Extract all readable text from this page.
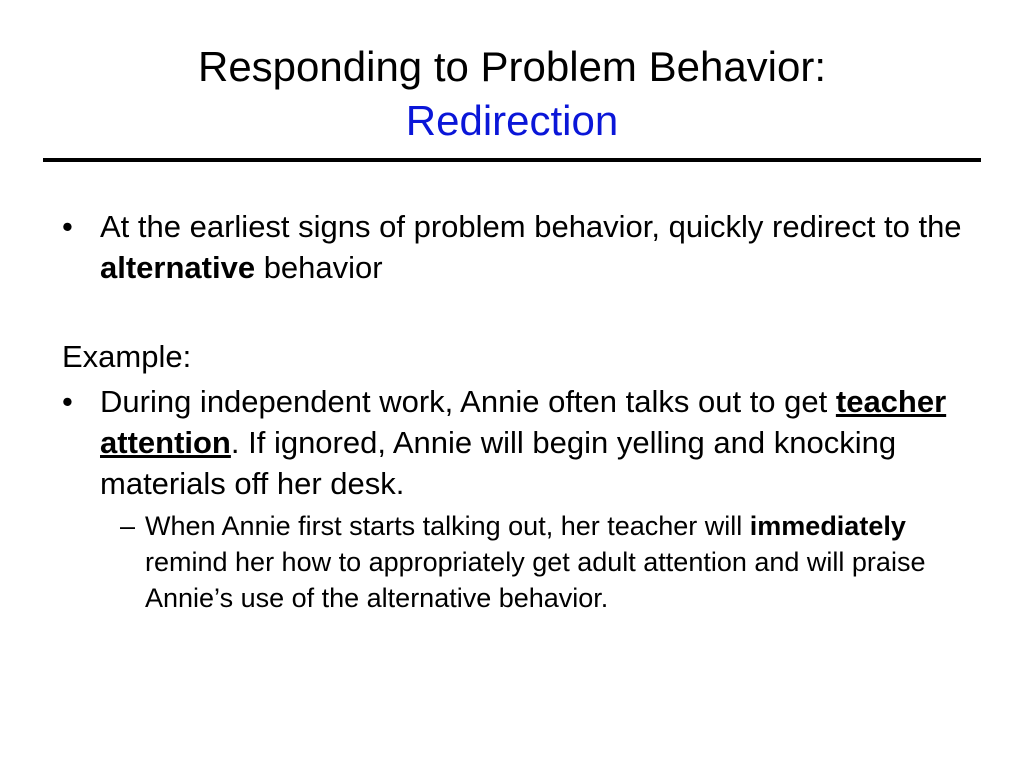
Responding to Problem Behavior:
Redirection
• At the earliest signs of problem behavior, quickly redirect to the alternative behavior
Example:
• During independent work, Annie often talks out to get teacher attention. If ignored, Annie will begin yelling and knocking materials off her desk.
– When Annie first starts talking out, her teacher will immediately remind her how to appropriately get adult attention and will praise Annie’s use of the alternative behavior.
